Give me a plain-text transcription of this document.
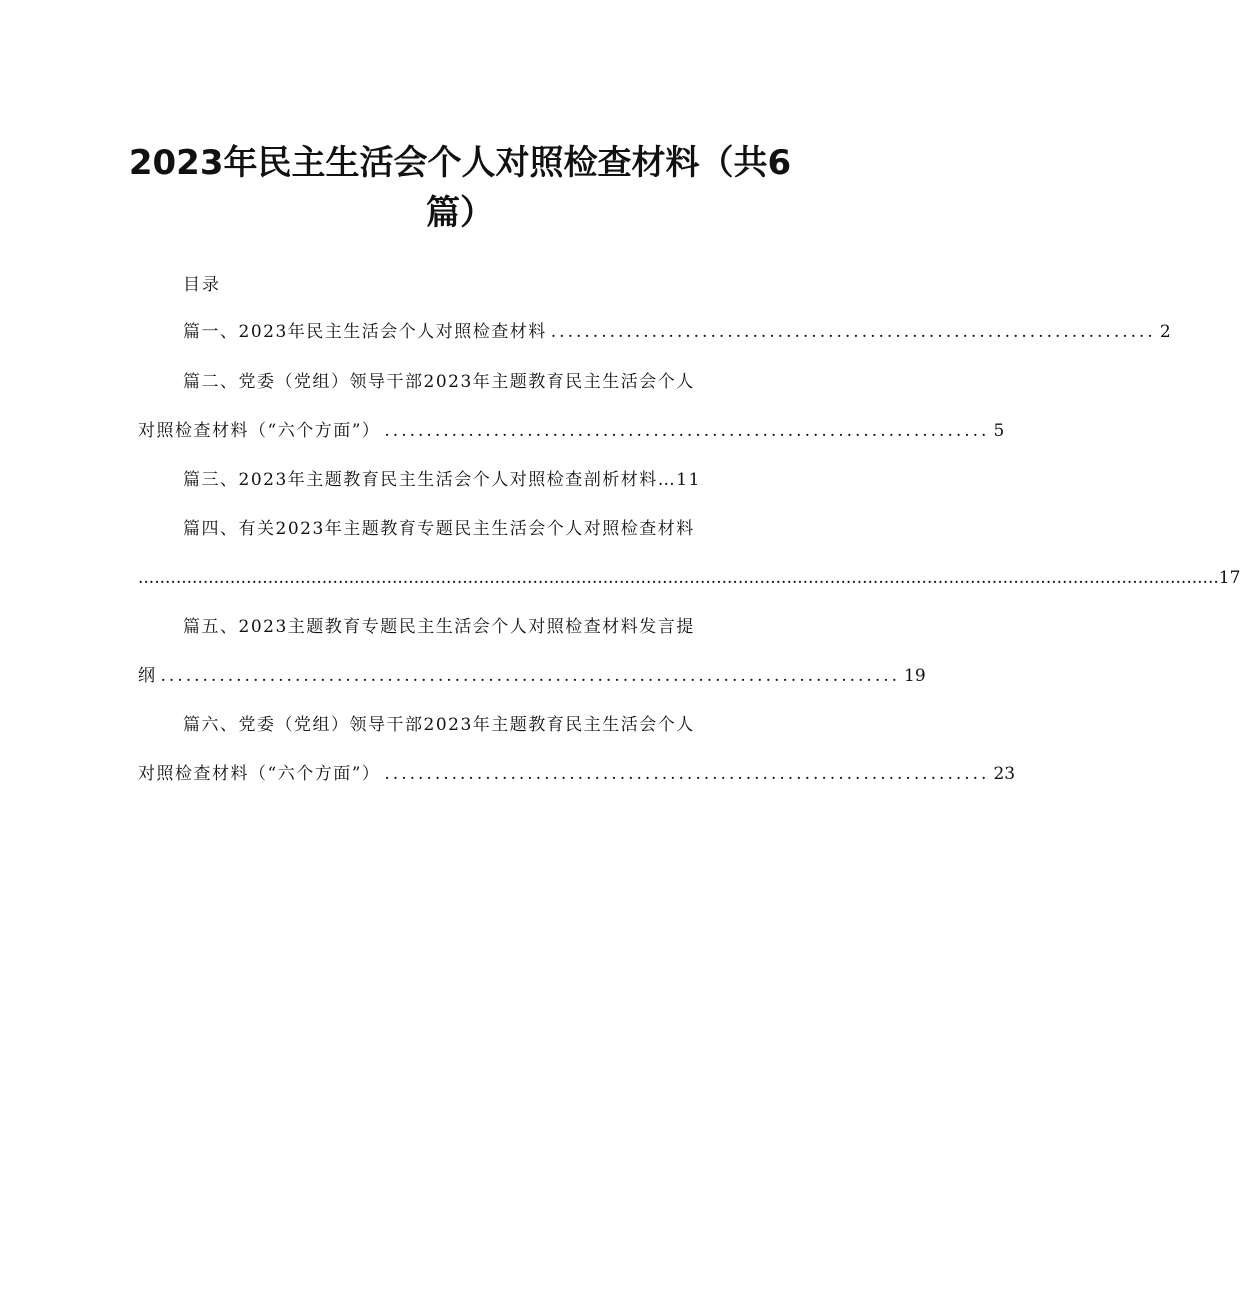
2023年民主生活会个人对照检查材料（共6
篇）
目录
篇一、2023年民主生活会个人对照检查材料 ........................................................................ 2
篇二、党委（党组）领导干部2023年主题教育民主生活会个人
对照检查材料（“六个方面”） ........................................................................ 5
篇三、2023年主题教育民主生活会个人对照检查剖析材料…11
篇四、有关2023年主题教育专题民主生活会个人对照检查材料
........................................................................................................................................................................................................ 17
篇五、2023主题教育专题民主生活会个人对照检查材料发言提
纲 ........................................................................................ 19
篇六、党委（党组）领导干部2023年主题教育民主生活会个人
对照检查材料（“六个方面”） ........................................................................ 23
